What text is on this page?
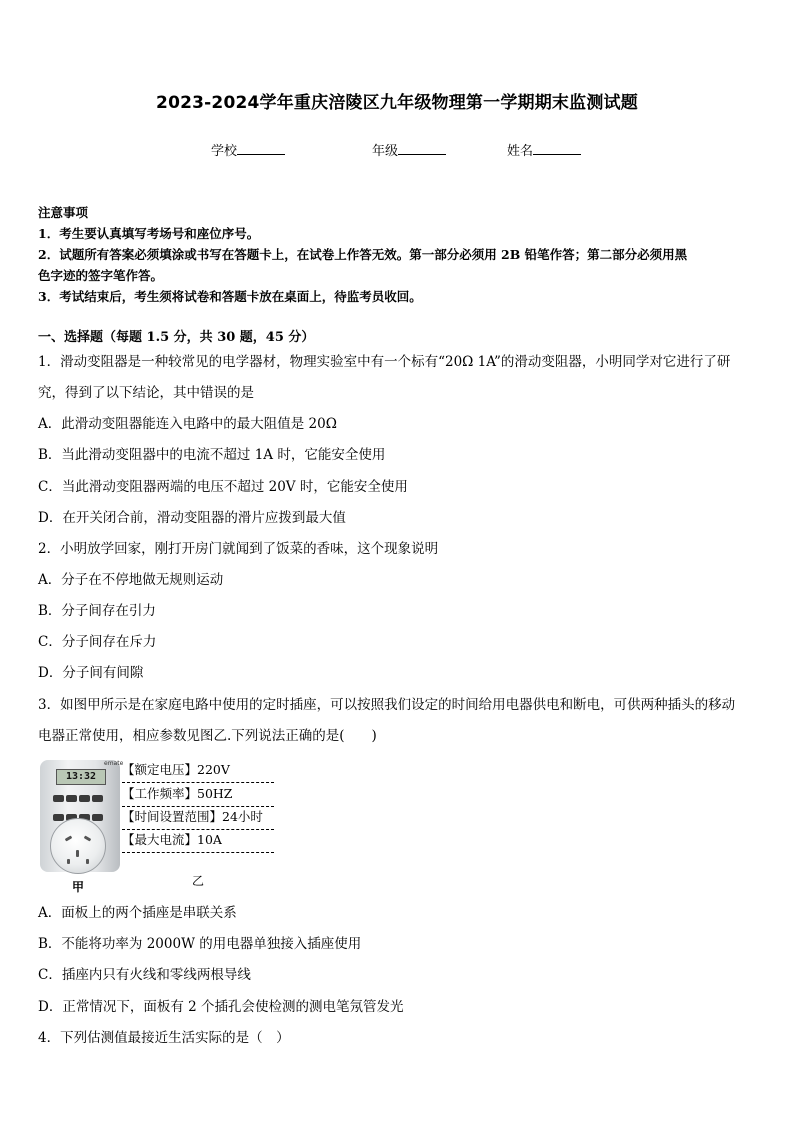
2023-2024学年重庆涪陵区九年级物理第一学期期末监测试题
学校	年级	姓名
注意事项
1．考生要认真填写考场号和座位序号。
2．试题所有答案必须填涂或书写在答题卡上，在试卷上作答无效。第一部分必须用 2B 铅笔作答；第二部分必须用黑
色字迹的签字笔作答。
3．考试结束后，考生须将试卷和答题卡放在桌面上，待监考员收回。
一、选择题（每题 1.5 分，共 30 题，45 分）
1．滑动变阻器是一种较常见的电学器材，物理实验室中有一个标有“20Ω 1A”的滑动变阻器，小明同学对它进行了研
究，得到了以下结论，其中错误的是
A．此滑动变阻器能连入电路中的最大阻值是 20Ω
B．当此滑动变阻器中的电流不超过 1A 时，它能安全使用
C．当此滑动变阻器两端的电压不超过 20V 时，它能安全使用
D．在开关闭合前，滑动变阻器的滑片应拨到最大值
2．小明放学回家，刚打开房门就闻到了饭菜的香味，这个现象说明
A．分子在不停地做无规则运动
B．分子间存在引力
C．分子间存在斥力
D．分子间有间隙
3．如图甲所示是在家庭电路中使用的定时插座，可以按照我们设定的时间给用电器供电和断电，可供两种插头的移动
电器正常使用，相应参数见图乙.下列说法正确的是(　　)
emate
13:32

甲
【额定电压】220V
【工作频率】50HZ
【时间设置范围】24小时
【最大电流】10A
乙
A．面板上的两个插座是串联关系
B．不能将功率为 2000W 的用电器单独接入插座使用
C．插座内只有火线和零线两根导线
D．正常情况下，面板有 2 个插孔会使检测的测电笔氖管发光
4．下列估测值最接近生活实际的是（　）
